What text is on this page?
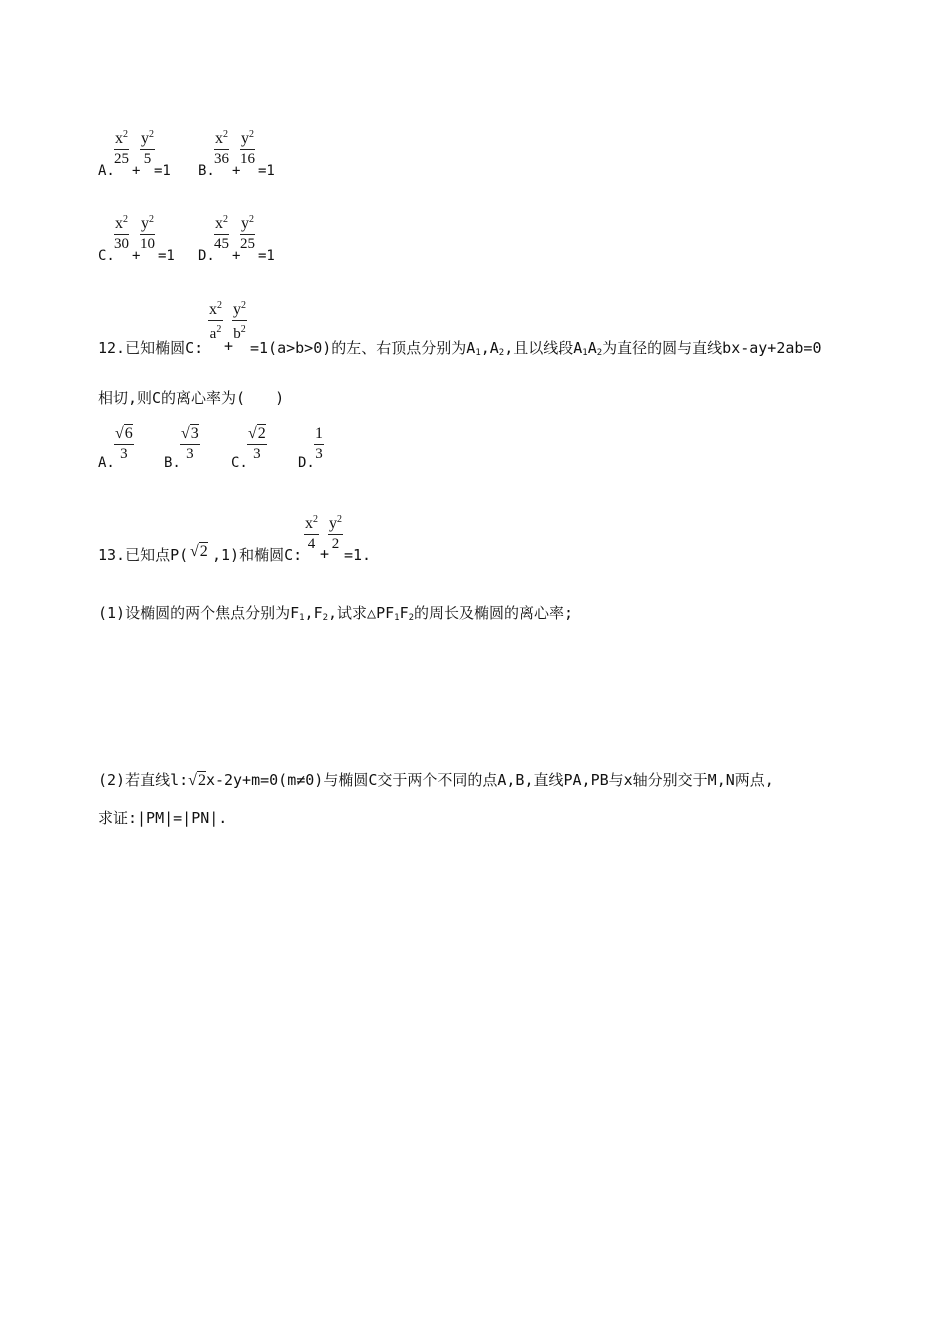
A.
$\frac{x^2}{25}$
+
$\frac{y^2}{5}$
=1 B.
$\frac{x^2}{36}$
+
$\frac{y^2}{16}$
=1
C.
$\frac{x^2}{30}$
+
$\frac{y^2}{10}$
=1 D.
$\frac{x^2}{45}$
+
$\frac{y^2}{25}$
=1
12.已知椭圆C:
$\frac{x^2}{a^2}$
+
$\frac{y^2}{b^2}$
=1(a>b>0)的左、右顶点分别为$A_1,A_2$,且以线段$A_1A_2$为直径的圆与直线bx-ay+2ab=0
相切,则C的离心率为(　　)
A. $\frac{√6}{3} B$. $\frac{√3}{3} C$. $\frac{√2}{3} D$. $\frac{1}{3}$
13.已知点P( √2 ,1)和椭圆C:
$\frac{x^2}{4}$
+
$\frac{y^2}{2}$
=1.
(1)设椭圆的两个焦点分别为$F_1,F_2$,试求$\triangle PF_1F_2$的周长及椭圆的离心率;
(2)若直线l:√2x-2y+m=0(m≠0)与椭圆C交于两个不同的点A,B,直线PA,PB与x轴分别交于M,N两点,
求证:|PM|=|PN|.
